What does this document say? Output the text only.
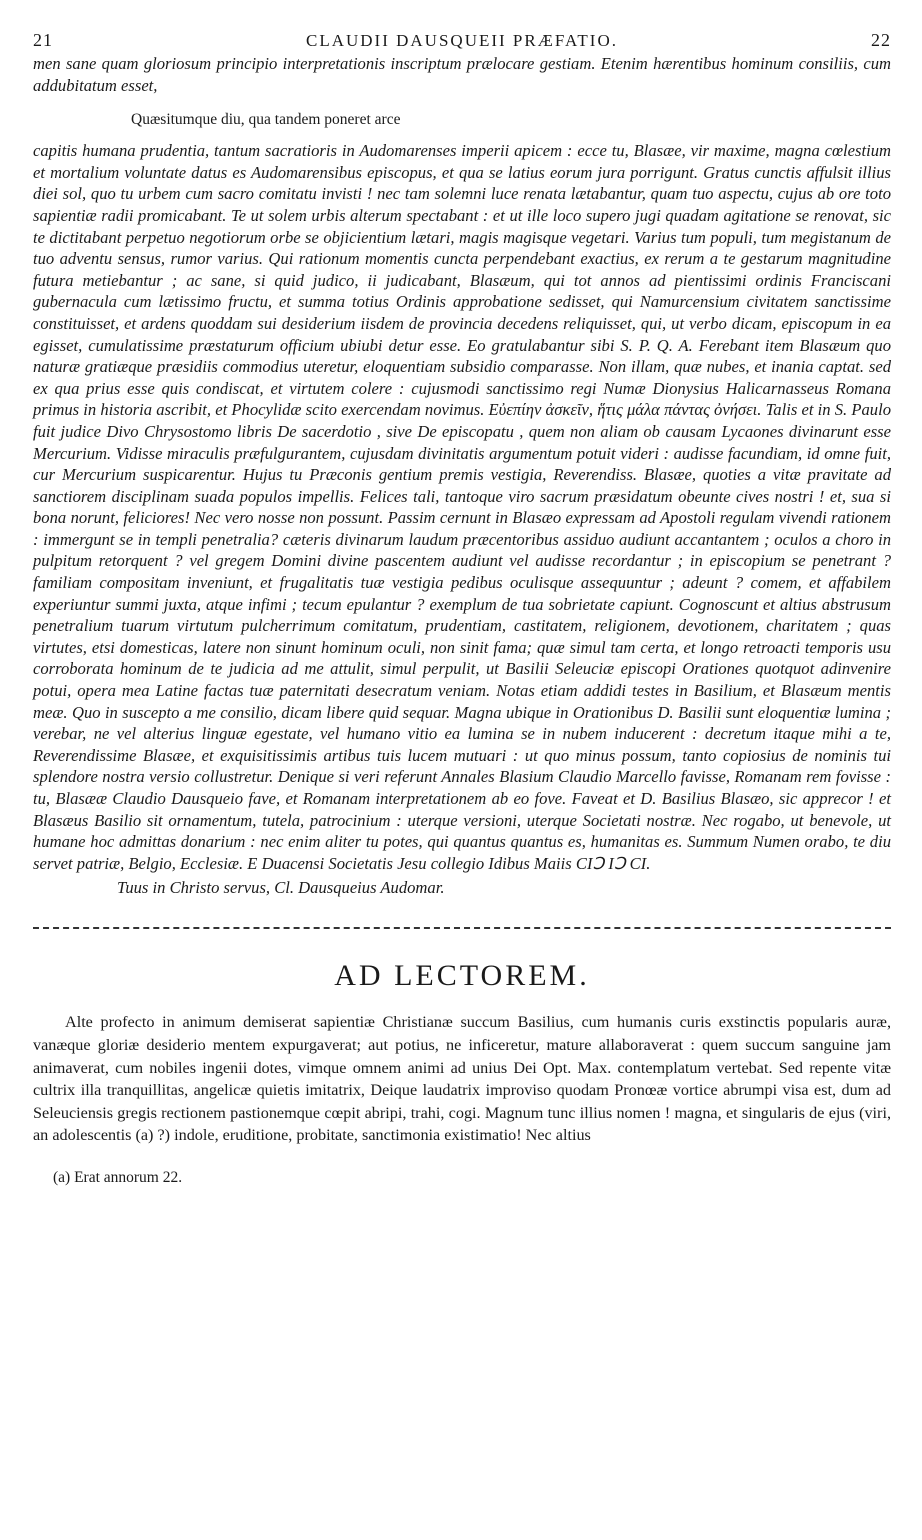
21	CLAUDII DAUSQUEII PRÆFATIO.	22

men sane quam gloriosum principio interpretationis inscriptum prælocare gestiam. Etenim hærentibus hominum consiliis, cum addubitatum esset,

Quæsitumque diu, qua tandem poneret arce

capitis humana prudentia, tantum sacratioris in Audomarenses imperii apicem : ecce tu, Blasæe, vir maxime, magna cœlestium et mortalium voluntate datus es Audomarensibus episcopus, et qua se latius eorum jura porrigunt. Gratus cunctis affulsit illius diei sol, quo tu urbem cum sacro comitatu invisti ! nec tam solemni luce renata lætabantur, quam tuo aspectu, cujus ab ore toto sapientiæ radii promicabant. Te ut solem urbis alterum spectabant : et ut ille loco supero jugi quadam agitatione se renovat, sic te dictitabant perpetuo negotiorum orbe se objicientium lætari, magis magisque vegetari. Varius tum populi, tum megistanum de tuo adventu sensus, rumor varius. Qui rationum momentis cuncta perpendebant exactius, ex rerum a te gestarum magnitudine futura metiebantur ; ac sane, si quid judico, ii judicabant, Blasæum, qui tot annos ad pientissimi ordinis Franciscani gubernacula cum lætissimo fructu, et summa totius Ordinis approbatione sedisset, qui Namurcensium civitatem sanctissime constituisset, et ardens quoddam sui desiderium iisdem de provincia decedens reliquisset, qui, ut verbo dicam, episcopum in ea egisset, cumulatissime præstaturum officium ubiubi detur esse. Eo gratulabantur sibi S. P. Q. A. Ferebant item Blasæum quo naturæ gratiæque præsidiis commodius uteretur, eloquentiam subsidio comparasse. Non illam, quæ nubes, et inania captat. sed ex qua prius esse quis condiscat, et virtutem colere : cujusmodi sanctissimo regi Numæ Dionysius Halicarnasseus Romana primus in historia ascribit, et Phocylidæ scito exercendam novimus. Εὐεπίην ἀσκεῖν, ἥτις μάλα πάντας ὀνήσει. Talis et in S. Paulo fuit judice Divo Chrysostomo libris De sacerdotio , sive De episcopatu , quem non aliam ob causam Lycaones divinarunt esse Mercurium. Vidisse miraculis præfulgurantem, cujusdam divinitatis argumentum potuit videri : audisse facundiam, id omne fuit, cur Mercurium suspicarentur. Hujus tu Præconis gentium premis vestigia, Reverendiss. Blasæe, quoties a vitæ pravitate ad sanctiorem disciplinam suada populos impellis. Felices tali, tantoque viro sacrum præsidatum obeunte cives nostri ! et, sua si bona norunt, feliciores! Nec vero nosse non possunt. Passim cernunt in Blasæo expressam ad Apostoli regulam vivendi rationem : immergunt se in templi penetralia? cæteris divinarum laudum præcentoribus assiduo audiunt accantantem ; oculos a choro in pulpitum retorquent ? vel gregem Domini divine pascentem audiunt vel audisse recordantur ; in episcopium se penetrant ? familiam compositam inveniunt, et frugalitatis tuæ vestigia pedibus oculisque assequuntur ; adeunt ? comem, et affabilem experiuntur summi juxta, atque infimi ; tecum epulantur ? exemplum de tua sobrietate capiunt. Cognoscunt et altius abstrusum penetralium tuarum virtutum pulcherrimum comitatum, prudentiam, castitatem, religionem, devotionem, charitatem ; quas virtutes, etsi domesticas, latere non sinunt hominum oculi, non sinit fama; quæ simul tam certa, et longo retroacti temporis usu corroborata hominum de te judicia ad me attulit, simul perpulit, ut Basilii Seleuciæ episcopi Orationes quotquot adinvenire potui, opera mea Latine factas tuæ paternitati desecratum veniam. Notas etiam addidi testes in Basilium, et Blasæum mentis meæ. Quo in suscepto a me consilio, dicam libere quid sequar. Magna ubique in Orationibus D. Basilii sunt eloquentiæ lumina ; verebar, ne vel alterius linguæ egestate, vel humano vitio ea lumina se in nubem inducerent : decretum itaque mihi a te, Reverendissime Blasæe, et exquisitissimis artibus tuis lucem mutuari : ut quo minus possum, tanto copiosius de nominis tui splendore nostra versio collustretur. Denique si veri referunt Annales Blasium Claudio Marcello favisse, Romanam rem fovisse : tu, Blasææ Claudio Dausqueio fave, et Romanam interpretationem ab eo fove. Faveat et D. Basilius Blasæo, sic apprecor ! et Blasæus Basilio sit ornamentum, tutela, patrocinium : uterque versioni, uterque Societati nostræ. Nec rogabo, ut benevole, ut humane hoc admittas donarium : nec enim aliter tu potes, qui quantus quantus es, humanitas es. Summum Numen orabo, te diu servet patriæ, Belgio, Ecclesiæ. E Duacensi Societatis Jesu collegio Idibus Maiis CIↃ IↃ CI.

Tuus in Christo servus, Cl. Dausqueius Audomar.
AD LECTOREM.

Alte profecto in animum demiserat sapientiæ Christianæ succum Basilius, cum humanis curis exstinctis popularis auræ, vanæque gloriæ desiderio mentem expurgaverat; aut potius, ne inficeretur, mature allaboraverat : quem succum sanguine jam animaverat, cum nobiles ingenii dotes, vimque omnem animi ad unius Dei Opt. Max. contemplatum vertebat. Sed repente vitæ cultrix illa tranquillitas, angelicæ quietis imitatrix, Deique laudatrix improviso quodam Pronœæ vortice abrumpi visa est, dum ad Seleuciensis gregis rectionem pastionemque cœpit abripi, trahi, cogi. Magnum tunc illius nomen ! magna, et singularis de ejus (viri, an adolescentis (a) ?) indole, eruditione, probitate, sanctimonia existimatio! Nec altius

(a) Erat annorum 22.
